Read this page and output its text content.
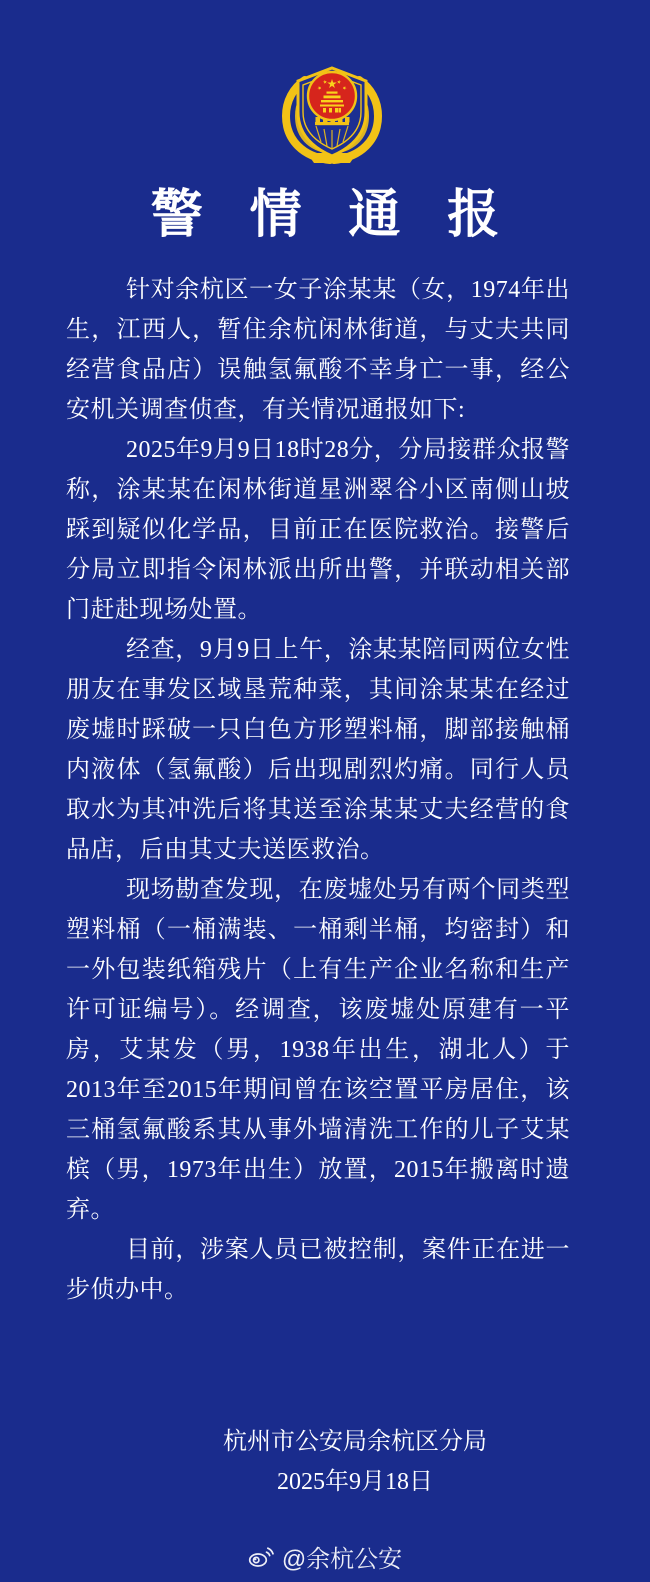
警情通报

针对余杭区一女子涂某某（女，1974年出生，江西人，暂住余杭闲林街道，与丈夫共同经营食品店）误触氢氟酸不幸身亡一事，经公安机关调查侦查，有关情况通报如下:

2025年9月9日18时28分，分局接群众报警称，涂某某在闲林街道星洲翠谷小区南侧山坡踩到疑似化学品，目前正在医院救治。接警后分局立即指令闲林派出所出警，并联动相关部门赶赴现场处置。

经查，9月9日上午，涂某某陪同两位女性朋友在事发区域垦荒种菜，其间涂某某在经过废墟时踩破一只白色方形塑料桶，脚部接触桶内液体（氢氟酸）后出现剧烈灼痛。同行人员取水为其冲洗后将其送至涂某某丈夫经营的食品店，后由其丈夫送医救治。

现场勘查发现，在废墟处另有两个同类型塑料桶（一桶满装、一桶剩半桶，均密封）和一外包装纸箱残片（上有生产企业名称和生产许可证编号）。经调查，该废墟处原建有一平房，艾某发（男，1938年出生，湖北人）于2013年至2015年期间曾在该空置平房居住，该三桶氢氟酸系其从事外墙清洗工作的儿子艾某槟（男，1973年出生）放置，2015年搬离时遗弃。

目前，涉案人员已被控制，案件正在进一步侦办中。

杭州市公安局余杭区分局
2025年9月18日
@余杭公安
